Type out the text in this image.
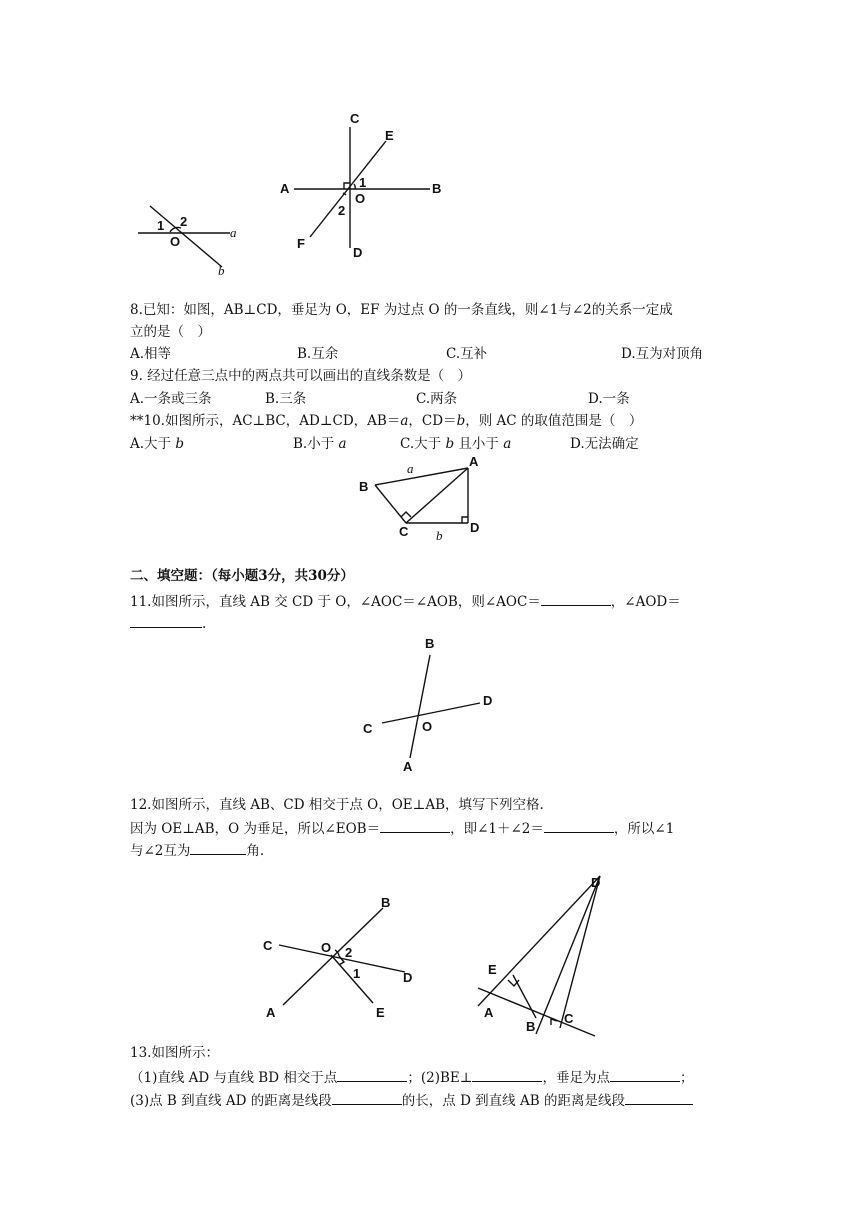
1 2
O
a
b
C
E
A	B
O
1
2
F
D
8.已知：如图，AB⊥CD，垂足为 O，EF 为过点 O 的一条直线，则∠1与∠2的关系一定成
立的是（　）
A.相等	B.互余	C.互补	D.互为对顶角
9. 经过任意三点中的两点共可以画出的直线条数是（　）
A.一条或三条	B.三条	C.两条	D.一条
**10.如图所示，AC⊥BC，AD⊥CD，AB＝a，CD＝b，则 AC 的取值范围是（　）
A.大于 b	B.小于 a	C.大于 b 且小于 a	D.无法确定
A
B
C	D
a
b
二、填空题：（每小题3分，共30分）
11.如图所示，直线 AB 交 CD 于 O，∠AOC＝∠AOB，则∠AOC＝	，∠AOD＝
.
B
D
C	O
A
12.如图所示，直线 AB、CD 相交于点 O，OE⊥AB，填写下列空格.
因为 OE⊥AB，O 为垂足，所以∠EOB＝	，即∠1＋∠2＝	，所以∠1
与∠2互为	角.
B
C	O 2
1	D
A	E
D
E
A
B
C
13.如图所示：
（1)直线 AD 与直线 BD 相交于点	；(2)BE⊥	，垂足为点	；
(3)点 B 到直线 AD 的距离是线段	的长，点 D 到直线 AB 的距离是线段
